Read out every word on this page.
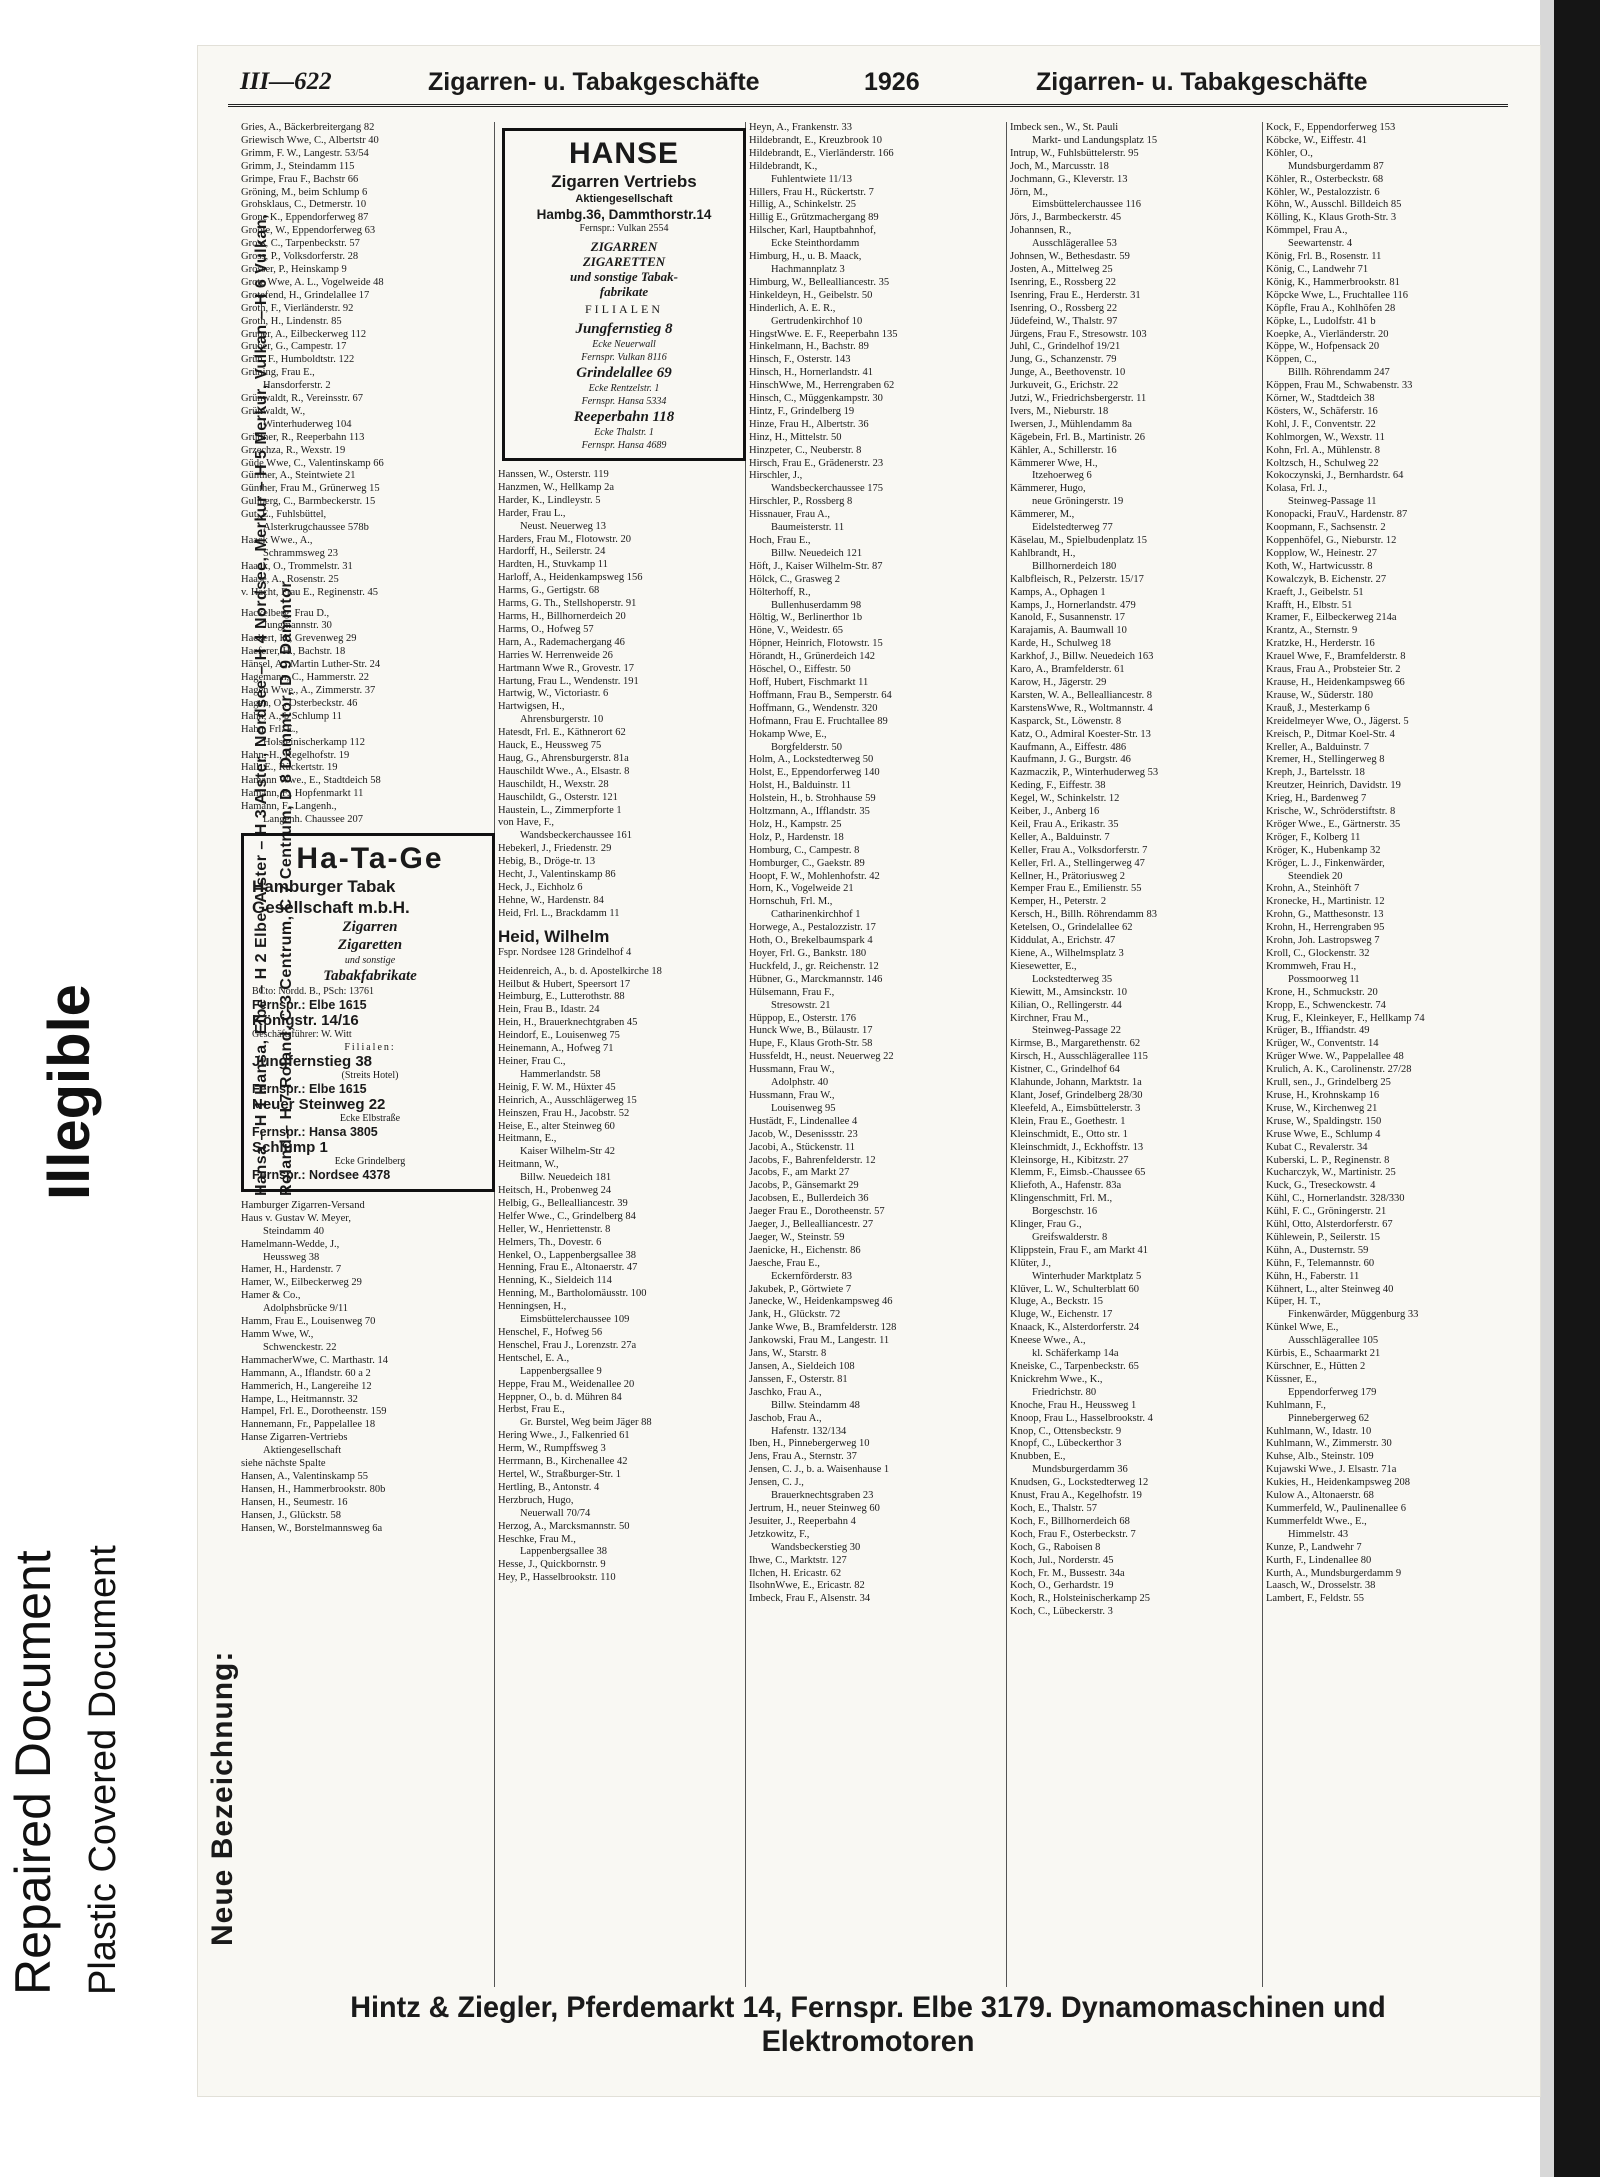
Repaired Document
Illegible
Plastic Covered Document
III—622	Zigarren- u. Tabakgeschäfte	1926	Zigarren- u. Tabakgeschäfte
Neue Bezeichnung:
Hansa – H 1 Hansa, Elbe – H 2 Elbe, Alster – H 3 Alster, Nordsee – H 4 Nordsee, Merkur – H 5 Merkur, Vulkan – H 6 Vulkan, Roland – H 7 Roland, C 3 Centrum, C 7 Centrum, D 8 Dammtor, D 9 Dammtor
Gries, A., Bäckerbreitergang 82
Griewisch Wwe, C., Albertstr 40
Grimm, F. W., Langestr. 53/54
Grimm, J., Steindamm 115
Grimpe, Frau F., Bachstr 66
Gröning, M., beim Schlump 6
Grohsklaus, C., Detmerstr. 10
Grone K., Eppendorferweg 87
Groote, W., Eppendorferweg 63
Gross, C., Tarpenbeckstr. 57
Gross, P., Volksdorferstr. 28
Grosser, P., Heinskamp 9
Grote Wwe, A. L., Vogelweide 48
Grotefend, H., Grindelallee 17
Groth, F., Vierländerstr. 92
Groth, H., Lindenstr. 85
Gruber, A., Eilbeckerweg 112
Gruber, G., Campestr. 17
Grün, F., Humboldtstr. 122
Grüning, Frau E.,
Hansdorferstr. 2
Grünwaldt, R., Vereinsstr. 67
Grünwaldt, W.,
Winterhuderweg 104
Grüttner, R., Reeperbahn 113
Grzechza, R., Wexstr. 19
Güde Wwe, C., Valentinskamp 66
Günther, A., Steintwiete 21
Günther, Frau M., Grünerweg 15
Gullberg, C., Barmbeckerstr. 15
Gut, E., Fuhlsbüttel,
Alsterkrugchaussee 578b
Haack Wwe., A.,
Schrammsweg 23
Haack, O., Trommelstr. 31
Haase, A., Rosenstr. 25
v. Hacht, Frau E., Reginenstr. 45
Hackelberg, Frau D.,
Jungmannstr. 30
Hackert, H., Grevenweg 29
Haeferer, H., Bachstr. 18
Hänsel, A., Martin Luther-Str. 24
Hagemann, C., Hammerstr. 22
Hagen Wwe., A., Zimmerstr. 37
Hagen, O., Osterbeckstr. 46
Hahn, A., b Schlump 11
Hahn, Frl. E.,
Holsteinischerkamp 112
Hahn, H., Kegelhofstr. 19
Hall, E., Rückertstr. 19
Hamann Wwe., E., Stadtdeich 58
Hamann, F., Hopfenmarkt 11
Hamann, F., Langenh.,
Langenh. Chaussee 207
Ha-Ta-Ge
Hamburger Tabak
Gesellschaft m.b.H.
Zigarren
Zigaretten
und sonstige
Tabakfabrikate
BCto: Nordd. B., PSch: 13761
Fernspr.: Elbe 1615
Königstr. 14/16
Geschäftsführer: W. Witt
Filialen:
Jungfernstieg 38
(Streits Hotel)
Fernspr.: Elbe 1615
Neuer Steinweg 22
Ecke Elbstraße
Fernspr.: Hansa 3805
Schlump 1
Ecke Grindelberg
Fernspr.: Nordsee 4378
Hamburger Zigarren-Versand
Haus v. Gustav W. Meyer,
Steindamm 40
Hamelmann-Wedde, J.,
Heussweg 38
Hamer, H., Hardenstr. 7
Hamer, W., Eilbeckerweg 29
Hamer & Co.,
Adolphsbrücke 9/11
Hamm, Frau E., Louisenweg 70
Hamm Wwe, W.,
Schwenckestr. 22
HammacherWwe, C. Marthastr. 14
Hammann, A., Iflandstr. 60 a 2
Hammerich, H., Langereihe 12
Hampe, L., Heitmannstr. 32
Hampel, Frl. E., Dorotheenstr. 159
Hannemann, Fr., Pappelallee 18
Hanse Zigarren-Vertriebs
Aktiengesellschaft
siehe nächste Spalte
Hansen, A., Valentinskamp 55
Hansen, H., Hammerbrookstr. 80b
Hansen, H., Seumestr. 16
Hansen, J., Glückstr. 58
Hansen, W., Borstelmannsweg 6a
HANSE
Zigarren Vertriebs
Aktiengesellschaft
Hambg.36, Dammthorstr.14
Fernspr.: Vulkan 2554
ZIGARREN
ZIGARETTEN
und sonstige Tabak-
fabrikate
FILIALEN
Jungfernstieg 8
Ecke Neuerwall
Fernspr. Vulkan 8116
Grindelallee 69
Ecke Rentzelstr. 1
Fernspr. Hansa 5334
Reeperbahn 118
Ecke Thalstr. 1
Fernspr. Hansa 4689
Hanssen, W., Osterstr. 119
Hanzmen, W., Hellkamp 2a
Harder, K., Lindleystr. 5
Harder, Frau L.,
Neust. Neuerweg 13
Harders, Frau M., Flotowstr. 20
Hardorff, H., Seilerstr. 24
Hardten, H., Stuvkamp 11
Harloff, A., Heidenkampsweg 156
Harms, G., Gertigstr. 68
Harms, G. Th., Stellshoperstr. 91
Harms, H., Billhornerdeich 20
Harms, O., Hofweg 57
Harn, A., Rademachergang 46
Harries W. Herrenweide 26
Hartmann Wwe R., Grovestr. 17
Hartung, Frau L., Wendenstr. 191
Hartwig, W., Victoriastr. 6
Hartwigsen, H.,
Ahrensburgerstr. 10
Hatesdt, Frl. E., Käthnerort 62
Hauck, E., Heussweg 75
Haug, G., Ahrensburgerstr. 81a
Hauschildt Wwe., A., Elsastr. 8
Hauschildt, H., Wexstr. 28
Hauschildt, G., Osterstr. 121
Haustein, L., Zimmerpforte 1
von Have, F.,
Wandsbeckerchaussee 161
Hebekerl, J., Friedenstr. 29
Hebig, B., Dröge-tr. 13
Hecht, J., Valentinskamp 86
Heck, J., Eichholz 6
Hehne, W., Hardenstr. 84
Heid, Frl. L., Brackdamm 11
Heid, Wilhelm
Fspr. Nordsee 128 Grindelhof 4
Heidenreich, A., b. d. Apostelkirche 18
Heilbut & Hubert, Speersort 17
Heimburg, E., Lutterothstr. 88
Hein, Frau B., Idastr. 24
Hein, H., Brauerknechtgraben 45
Heindorf, E., Louisenweg 75
Heinemann, A., Hofweg 71
Heiner, Frau C.,
Hammerlandstr. 58
Heinig, F. W. M., Hüxter 45
Heinrich, A., Ausschlägerweg 15
Heinszen, Frau H., Jacobstr. 52
Heise, E., alter Steinweg 60
Heitmann, E.,
Kaiser Wilhelm-Str 42
Heitmann, W.,
Billw. Neuedeich 181
Heitsch, H., Probenweg 24
Helbig, G., Bellealliancestr. 39
Helfer Wwe., C., Grindelberg 84
Heller, W., Henriettenstr. 8
Helmers, Th., Dovestr. 6
Henkel, O., Lappenbergsallee 38
Henning, Frau E., Altonaerstr. 47
Henning, K., Sieldeich 114
Henning, M., Bartholomäusstr. 100
Henningsen, H.,
Eimsbüttelerchaussee 109
Henschel, F., Hofweg 56
Henschel, Frau J., Lorenzstr. 27a
Hentschel, E. A.,
Lappenbergsallee 9
Heppe, Frau M., Weidenallee 20
Heppner, O., b. d. Mühren 84
Herbst, Frau E.,
Gr. Burstel, Weg beim Jäger 88
Hering Wwe., J., Falkenried 61
Herm, W., Rumpffsweg 3
Herrmann, B., Kirchenallee 42
Hertel, W., Straßburger-Str. 1
Hertling, B., Antonstr. 4
Herzbruch, Hugo,
Neuerwall 70/74
Herzog, A., Marcksmannstr. 50
Heschke, Frau M.,
Lappenbergsallee 38
Hesse, J., Quickbornstr. 9
Hey, P., Hasselbrookstr. 110
Heyn, A., Frankenstr. 33
Hildebrandt, E., Kreuzbrook 10
Hildebrandt, E., Vierländerstr. 166
Hildebrandt, K.,
Fuhlentwiete 11/13
Hillers, Frau H., Rückertstr. 7
Hillig, A., Schinkelstr. 25
Hillig E., Grützmachergang 89
Hilscher, Karl, Hauptbahnhof,
Ecke Steinthordamm
Himburg, H., u. B. Maack,
Hachmannplatz 3
Himburg, W., Bellealliancestr. 35
Hinkeldeyn, H., Geibelstr. 50
Hinderlich, A. E. R.,
Gertrudenkirchhof 10
HingstWwe. E. F., Reeperbahn 135
Hinkelmann, H., Bachstr. 89
Hinsch, F., Osterstr. 143
Hinsch, H., Hornerlandstr. 41
HinschWwe, M., Herrengraben 62
Hinsch, C., Müggenkampstr. 30
Hintz, F., Grindelberg 19
Hinze, Frau H., Albertstr. 36
Hinz, H., Mittelstr. 50
Hinzpeter, C., Neuberstr. 8
Hirsch, Frau E., Grädenerstr. 23
Hirschler, J.,
Wandsbeckerchaussee 175
Hirschler, P., Rossberg 8
Hissnauer, Frau A.,
Baumeisterstr. 11
Hoch, Frau E.,
Billw. Neuedeich 121
Höft, J., Kaiser Wilhelm-Str. 87
Hölck, C., Grasweg 2
Hölterhoff, R.,
Bullenhuserdamm 98
Höltig, W., Berlinerthor 1b
Höne, V., Weidestr. 65
Höpner, Heinrich, Flotowstr. 15
Hörandt, H., Grünerdeich 142
Höschel, O., Eiffestr. 50
Hoff, Hubert, Fischmarkt 11
Hoffmann, Frau B., Semperstr. 64
Hoffmann, G., Wendenstr. 320
Hofmann, Frau E. Fruchtallee 89
Hokamp Wwe, E.,
Borgfelderstr. 50
Holm, A., Lockstedterweg 50
Holst, E., Eppendorferweg 140
Holst, H., Balduinstr. 11
Holstein, H., b. Strohhause 59
Holtzmann, A., Ifflandstr. 35
Holz, H., Kampstr. 25
Holz, P., Hardenstr. 18
Homburg, C., Campestr. 8
Homburger, C., Gaekstr. 89
Hoopt, F. W., Mohlenhofstr. 42
Horn, K., Vogelweide 21
Hornschuh, Frl. M.,
Catharinenkirchhof 1
Horwege, A., Pestalozzistr. 17
Hoth, O., Brekelbaumspark 4
Hoyer, Frl. G., Bankstr. 180
Huckfeld, J., gr. Reichenstr. 12
Hübner, G., Marckmannstr. 146
Hülsemann, Frau F.,
Stresowstr. 21
Hüppop, E., Osterstr. 176
Hunck Wwe, B., Bülaustr. 17
Hupe, F., Klaus Groth-Str. 58
Hussfeldt, H., neust. Neuerweg 22
Hussmann, Frau W.,
Adolphstr. 40
Hussmann, Frau W.,
Louisenweg 95
Hustädt, F., Lindenallee 4
Jacob, W., Desenissstr. 23
Jacobi, A., Stückenstr. 11
Jacobs, F., Bahrenfelderstr. 12
Jacobs, F., am Markt 27
Jacobs, P., Gänsemarkt 29
Jacobsen, E., Bullerdeich 36
Jaeger Frau E., Dorotheenstr. 57
Jaeger, J., Bellealliancestr. 27
Jaeger, W., Steinstr. 59
Jaenicke, H., Eichenstr. 86
Jaesche, Frau E.,
Eckernförderstr. 83
Jakubek, P., Görtwiete 7
Janecke, W., Heidenkampsweg 46
Jank, H., Glückstr. 72
Janke Wwe, B., Bramfelderstr. 128
Jankowski, Frau M., Langestr. 11
Jans, W., Starstr. 8
Jansen, A., Sieldeich 108
Janssen, F., Osterstr. 81
Jaschko, Frau A.,
Billw. Steindamm 48
Jaschob, Frau A.,
Hafenstr. 132/134
Iben, H., Pinnebergerweg 10
Jens, Frau A., Sternstr. 37
Jensen, C. J., b. a. Waisenhause 1
Jensen, C. J.,
Brauerknechtsgraben 23
Jertrum, H., neuer Steinweg 60
Jesuiter, J., Reeperbahn 4
Jetzkowitz, F.,
Wandsbeckerstieg 30
Ihwe, C., Marktstr. 127
Ilchen, H. Ericastr. 62
IlsohnWwe, E., Ericastr. 82
Imbeck, Frau F., Alsenstr. 34
Imbeck sen., W., St. Pauli
Markt- und Landungsplatz 15
Intrup, W., Fuhlsbüttelerstr. 95
Joch, M., Marcusstr. 18
Jochmann, G., Kleverstr. 13
Jörn, M.,
Eimsbüttelerchaussee 116
Jörs, J., Barmbeckerstr. 45
Johannsen, R.,
Ausschlägerallee 53
Johnsen, W., Bethesdastr. 59
Josten, A., Mittelweg 25
Isenring, E., Rossberg 22
Isenring, Frau E., Herderstr. 31
Isenring, O., Rossberg 22
Jüdefeind, W., Thalstr. 97
Jürgens, Frau F., Stresowstr. 103
Juhl, C., Grindelhof 19/21
Jung, G., Schanzenstr. 79
Junge, A., Beethovenstr. 10
Jurkuveit, G., Erichstr. 22
Jutzi, W., Friedrichsbergerstr. 11
Ivers, M., Nieburstr. 18
Iwersen, J., Mühlendamm 8a
Kägebein, Frl. B., Martinistr. 26
Kähler, A., Schillerstr. 16
Kämmerer Wwe, H.,
Itzehoerweg 6
Kämmerer, Hugo,
neue Gröningerstr. 19
Kämmerer, M.,
Eidelstedterweg 77
Käselau, M., Spielbudenplatz 15
Kahlbrandt, H.,
Billhornerdeich 180
Kalbfleisch, R., Pelzerstr. 15/17
Kamps, A., Ophagen 1
Kamps, J., Hornerlandstr. 479
Kanold, F., Susannenstr. 17
Karajamis, A. Baumwall 10
Karde, H., Schulweg 18
Karkhof, J., Billw. Neuedeich 163
Karo, A., Bramfelderstr. 61
Karow, H., Jägerstr. 29
Karsten, W. A., Bellealliancestr. 8
KarstensWwe, R., Woltmannstr. 4
Kasparck, St., Löwenstr. 8
Katz, O., Admiral Koester-Str. 13
Kaufmann, A., Eiffestr. 486
Kaufmann, J. G., Burgstr. 46
Kazmaczik, P., Winterhuderweg 53
Keding, F., Eiffestr. 38
Kegel, W., Schinkelstr. 12
Keiber, J., Anberg 16
Keil, Frau A., Erikastr. 35
Keller, A., Balduinstr. 7
Keller, Frau A., Volksdorferstr. 7
Keller, Frl. A., Stellingerweg 47
Kellner, H., Prätoriusweg 2
Kemper Frau E., Emilienstr. 55
Kemper, H., Peterstr. 2
Kersch, H., Billh. Röhrendamm 83
Ketelsen, O., Grindelallee 62
Kiddulat, A., Erichstr. 47
Kiene, A., Wilhelmsplatz 3
Kiesewetter, E.,
Lockstedterweg 35
Kiewitt, M., Amsinckstr. 10
Kilian, O., Rellingerstr. 44
Kirchner, Frau M.,
Steinweg-Passage 22
Kirmse, B., Margarethenstr. 62
Kirsch, H., Ausschlägerallee 115
Kistner, C., Grindelhof 64
Klahunde, Johann, Marktstr. 1a
Klant, Josef, Grindelberg 28/30
Kleefeld, A., Eimsbüttelerstr. 3
Klein, Frau E., Goethestr. 1
Kleinschmidt, E., Otto str. 1
Kleinschmidt, J., Eckhoffstr. 13
Kleinsorge, H., Kibitzstr. 27
Klemm, F., Eimsb.-Chaussee 65
Kliefoth, A., Hafenstr. 83a
Klingenschmitt, Frl. M.,
Borgeschstr. 16
Klinger, Frau G.,
Greifswalderstr. 8
Klippstein, Frau F., am Markt 41
Klüter, J.,
Winterhuder Marktplatz 5
Klüver, L. W., Schulterblatt 60
Kluge, A., Beckstr. 15
Kluge, W., Eichenstr. 17
Knaack, K., Alsterdorferstr. 24
Kneese Wwe., A.,
kl. Schäferkamp 14a
Kneiske, C., Tarpenbeckstr. 65
Knickrehm Wwe., K.,
Friedrichstr. 80
Knoche, Frau H., Heussweg 1
Knoop, Frau L., Hasselbrookstr. 4
Knop, C., Ottensbeckstr. 9
Knopf, C., Lübeckerthor 3
Knubben, E.,
Mundsburgerdamm 36
Knudsen, G., Lockstedterweg 12
Knust, Frau A., Kegelhofstr. 19
Koch, E., Thalstr. 57
Koch, F., Billhornerdeich 68
Koch, Frau F., Osterbeckstr. 7
Koch, G., Raboisen 8
Koch, Jul., Norderstr. 45
Koch, Fr. M., Bussestr. 34a
Koch, O., Gerhardstr. 19
Koch, R., Holsteinischerkamp 25
Koch, C., Lübeckerstr. 3
Kock, F., Eppendorferweg 153
Köbcke, W., Eiffestr. 41
Köhler, O.,
Mundsburgerdamm 87
Köhler, R., Osterbeckstr. 68
Köhler, W., Pestalozzistr. 6
Köhn, W., Ausschl. Billdeich 85
Kölling, K., Klaus Groth-Str. 3
Kömmpel, Frau A.,
Seewartenstr. 4
König, Frl. B., Rosenstr. 11
König, C., Landwehr 71
König, K., Hammerbrookstr. 81
Köpcke Wwe, L., Fruchtallee 116
Köpfle, Frau A., Kohlhöfen 28
Köpke, L., Ludolfstr. 41 b
Koepke, A., Vierländerstr. 20
Köppe, W., Hofpensack 20
Köppen, C.,
Billh. Röhrendamm 247
Köppen, Frau M., Schwabenstr. 33
Körner, W., Stadtdeich 38
Kösters, W., Schäferstr. 16
Kohl, J. F., Conventstr. 22
Kohlmorgen, W., Wexstr. 11
Kohn, Frl. A., Mühlenstr. 8
Koltzsch, H., Schulweg 22
Kokoczynski, J., Bernhardstr. 64
Kolasa, Frl. J.,
Steinweg-Passage 11
Konopacki, FrauV., Hardenstr. 87
Koopmann, F., Sachsenstr. 2
Koppenhöfel, G., Nieburstr. 12
Kopplow, W., Heinestr. 27
Koth, W., Hartwicusstr. 8
Kowalczyk, B. Eichenstr. 27
Kraeft, J., Geibelstr. 51
Krafft, H., Elbstr. 51
Kramer, F., Eilbeckerweg 214a
Krantz, A., Sternstr. 9
Kratzke, H., Herderstr. 16
Krauel Wwe, F., Bramfelderstr. 8
Kraus, Frau A., Probsteier Str. 2
Krause, H., Heidenkampsweg 66
Krause, W., Süderstr. 180
Krauß, J., Mesterkamp 6
Kreidelmeyer Wwe, O., Jägerst. 5
Kreisch, P., Ditmar Koel-Str. 4
Kreller, A., Balduinstr. 7
Kremer, H., Stellingerweg 8
Kreph, J., Bartelsstr. 18
Kreutzer, Heinrich, Davidstr. 19
Krieg, H., Bardenweg 7
Krische, W., Schröderstiftstr. 8
Kröger Wwe., E., Gärtnerstr. 35
Kröger, F., Kolberg 11
Kröger, K., Hubenkamp 32
Kröger, L. J., Finkenwärder,
Steendiek 20
Krohn, A., Steinhöft 7
Kronecke, H., Martinistr. 12
Krohn, G., Matthesonstr. 13
Krohn, H., Herrengraben 95
Krohn, Joh. Lastropsweg 7
Kroll, C., Glockenstr. 32
Krommweh, Frau H.,
Possmoorweg 11
Krone, H., Schmuckstr. 20
Kropp, E., Schwenckestr. 74
Krug, F., Kleinkeyer, F., Hellkamp 74
Krüger, B., Iffiandstr. 49
Krüger, W., Conventstr. 14
Krüger Wwe. W., Pappelallee 48
Krulich, A. K., Carolinenstr. 27/28
Krull, sen., J., Grindelberg 25
Kruse, H., Krohnskamp 16
Kruse, W., Kirchenweg 21
Kruse, W., Spaldingstr. 150
Kruse Wwe, E., Schlump 4
Kubat C., Revalerstr. 34
Kuberski, L. P., Reginenstr. 8
Kucharczyk, W., Martinistr. 25
Kuck, G., Treseckowstr. 4
Kühl, C., Hornerlandstr. 328/330
Kühl, F. C., Gröningerstr. 21
Kühl, Otto, Alsterdorferstr. 67
Kühlewein, P., Seilerstr. 15
Kühn, A., Dusternstr. 59
Kühn, F., Telemannstr. 60
Kühn, H., Faberstr. 11
Kühnert, L., alter Steinweg 40
Küper, H. T.,
Finkenwärder, Müggenburg 33
Künkel Wwe, E.,
Ausschlägerallee 105
Kürbis, E., Schaarmarkt 21
Kürschner, E., Hütten 2
Küssner, E.,
Eppendorferweg 179
Kuhlmann, F.,
Pinnebergerweg 62
Kuhlmann, W., Idastr. 10
Kuhlmann, W., Zimmerstr. 30
Kuhse, Alb., Steinstr. 109
Kujawski Wwe., J. Elsastr. 71a
Kukies, H., Heidenkampsweg 208
Kulow A., Altonaerstr. 68
Kummerfeld, W., Paulinenallee 6
Kummerfeldt Wwe., E.,
Himmelstr. 43
Kunze, P., Landwehr 7
Kurth, F., Lindenallee 80
Kurth, A., Mundsburgerdamm 9
Laasch, W., Drosselstr. 38
Lambert, F., Feldstr. 55
Hintz & Ziegler, Pferdemarkt 14, Fernspr. Elbe 3179. Dynamomaschinen und Elektromotoren
